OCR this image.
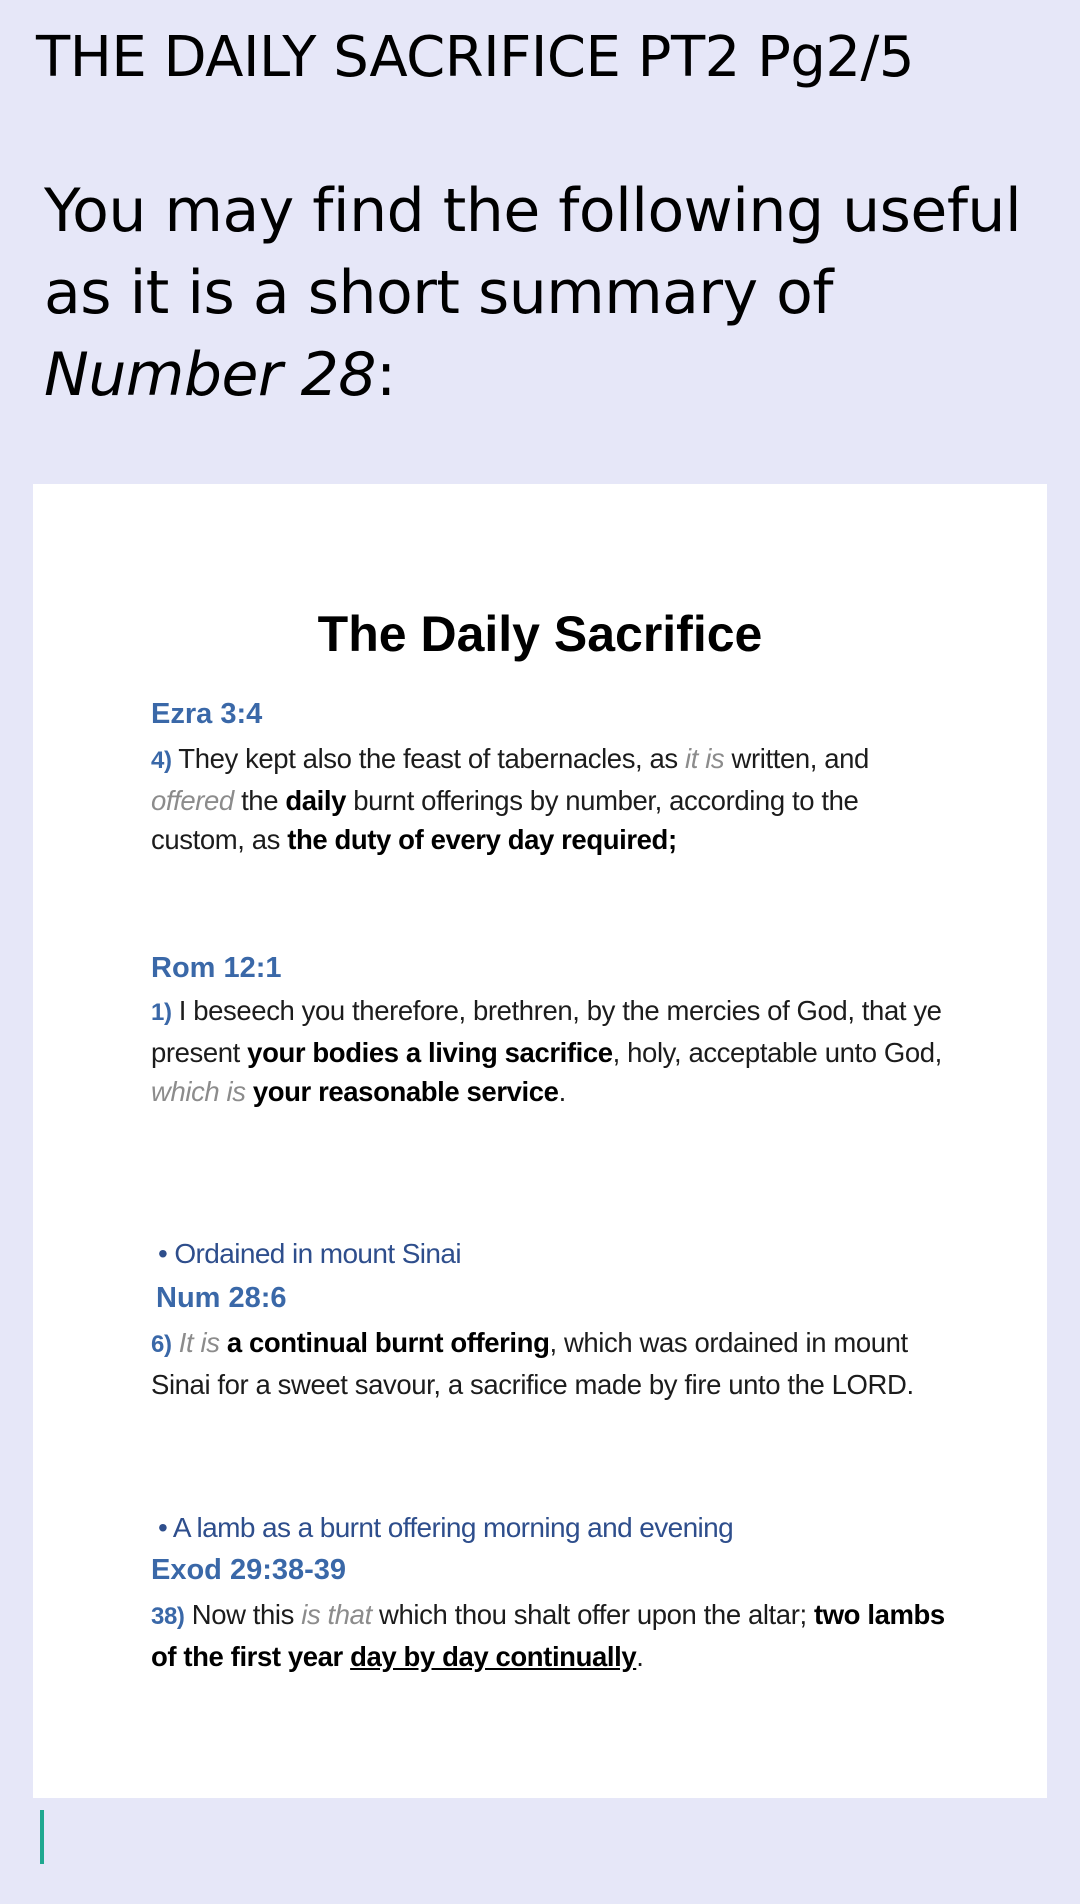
THE DAILY SACRIFICE PT2 Pg2/5
You may find the following useful as it is a short summary of Number 28:
The Daily Sacrifice
Ezra 3:4
4) They kept also the feast of tabernacles, as it is written, and offered the daily burnt offerings by number, according to the custom, as the duty of every day required;
Rom 12:1
1) I beseech you therefore, brethren, by the mercies of God, that ye present your bodies a living sacrifice, holy, acceptable unto God, which is your reasonable service.
• Ordained in mount Sinai
Num 28:6
6) It is a continual burnt offering, which was ordained in mount Sinai for a sweet savour, a sacrifice made by fire unto the LORD.
• A lamb as a burnt offering morning and evening
Exod 29:38-39
38) Now this is that which thou shalt offer upon the altar; two lambs of the first year day by day continually.
